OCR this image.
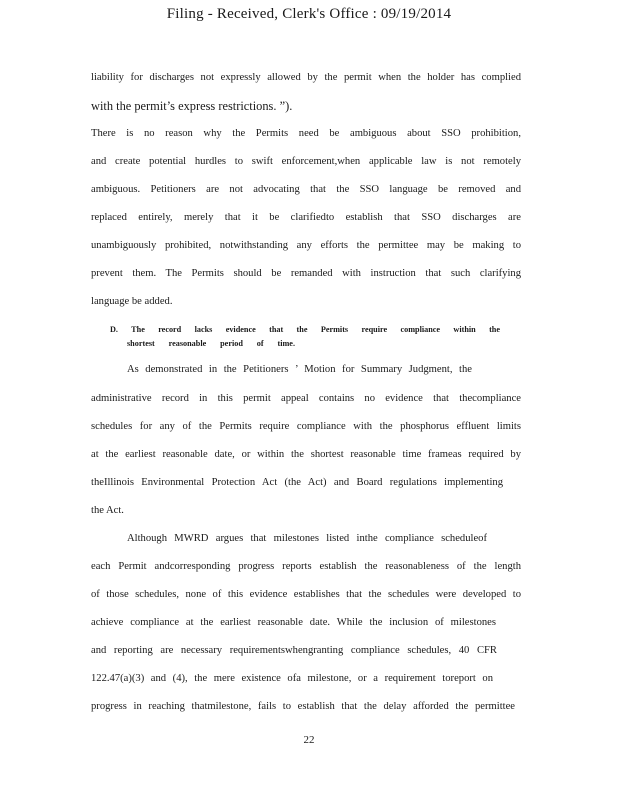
Filing - Received, Clerk's Office : 09/19/2014
liability for discharges not expressly allowed by the permit when the holder has complied
with the permit’s express restrictions. ”).
There is no reason why the Permits need be ambiguous about SSO prohibition,
and create potential hurdles to swift enforcement,when applicable law is not remotely
ambiguous. Petitioners are not advocating that the SSO language be removed and
replaced entirely, merely that it be clarifiedto establish that SSO discharges are
unambiguously prohibited, notwithstanding any efforts the permittee may be making to
prevent them. The Permits should be remanded with instruction that such clarifying
language be added.
D. The record lacks evidence that the Permits require compliance within the
shortest reasonable period of time.
As demonstrated in the Petitioners ’ Motion for Summary Judgment, the
administrative record in this permit appeal contains no evidence that thecompliance
schedules for any of the Permits require compliance with the phosphorus effluent limits
at the earliest reasonable date, or within the shortest reasonable time frameas required by
theIllinois Environmental Protection Act (the Act) and Board regulations implementing
the Act.
Although MWRD argues that milestones listed inthe compliance scheduleof
each Permit andcorresponding progress reports establish the reasonableness of the length
of those schedules, none of this evidence establishes that the schedules were developed to
achieve compliance at the earliest reasonable date. While the inclusion of milestones
and reporting are necessary requirementswhengranting compliance schedules, 40 CFR
122.47(a)(3) and (4), the mere existence ofa milestone, or a requirement toreport on
progress in reaching thatmilestone, fails to establish that the delay afforded the permittee
22
